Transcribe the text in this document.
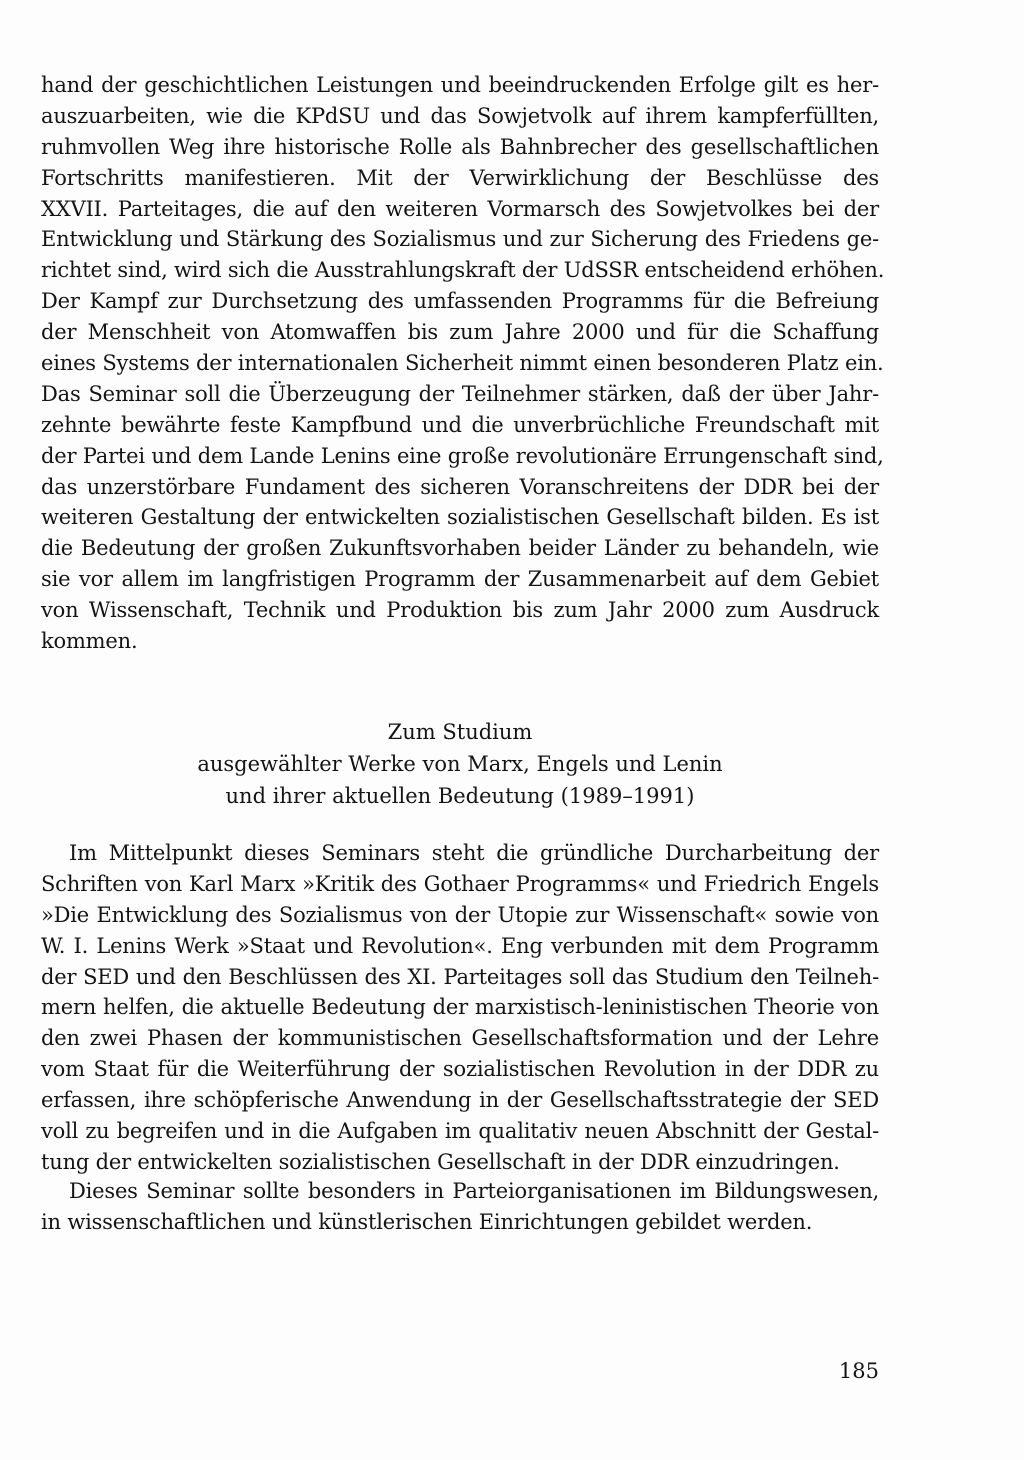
hand der geschichtlichen Leistungen und beeindruckenden Erfolge gilt es her-
auszuarbeiten, wie die KPdSU und das Sowjetvolk auf ihrem kampferfüllten,
ruhmvollen Weg ihre historische Rolle als Bahnbrecher des gesellschaftlichen
Fortschritts manifestieren. Mit der Verwirklichung der Beschlüsse des
XXVII. Parteitages, die auf den weiteren Vormarsch des Sowjetvolkes bei der
Entwicklung und Stärkung des Sozialismus und zur Sicherung des Friedens ge-
richtet sind, wird sich die Ausstrahlungskraft der UdSSR entscheidend erhöhen.
Der Kampf zur Durchsetzung des umfassenden Programms für die Befreiung
der Menschheit von Atomwaffen bis zum Jahre 2000 und für die Schaffung
eines Systems der internationalen Sicherheit nimmt einen besonderen Platz ein.
Das Seminar soll die Überzeugung der Teilnehmer stärken, daß der über Jahr-
zehnte bewährte feste Kampfbund und die unverbrüchliche Freundschaft mit
der Partei und dem Lande Lenins eine große revolutionäre Errungenschaft sind,
das unzerstörbare Fundament des sicheren Voranschreitens der DDR bei der
weiteren Gestaltung der entwickelten sozialistischen Gesellschaft bilden. Es ist
die Bedeutung der großen Zukunftsvorhaben beider Länder zu behandeln, wie
sie vor allem im langfristigen Programm der Zusammenarbeit auf dem Gebiet
von Wissenschaft, Technik und Produktion bis zum Jahr 2000 zum Ausdruck
kommen.
Zum Studium
ausgewählter Werke von Marx, Engels und Lenin
und ihrer aktuellen Bedeutung (1989–1991)
Im Mittelpunkt dieses Seminars steht die gründliche Durcharbeitung der
Schriften von Karl Marx »Kritik des Gothaer Programms« und Friedrich Engels
»Die Entwicklung des Sozialismus von der Utopie zur Wissenschaft« sowie von
W. I. Lenins Werk »Staat und Revolution«. Eng verbunden mit dem Programm
der SED und den Beschlüssen des XI. Parteitages soll das Studium den Teilneh-
mern helfen, die aktuelle Bedeutung der marxistisch-leninistischen Theorie von
den zwei Phasen der kommunistischen Gesellschaftsformation und der Lehre
vom Staat für die Weiterführung der sozialistischen Revolution in der DDR zu
erfassen, ihre schöpferische Anwendung in der Gesellschaftsstrategie der SED
voll zu begreifen und in die Aufgaben im qualitativ neuen Abschnitt der Gestal-
tung der entwickelten sozialistischen Gesellschaft in der DDR einzudringen.
Dieses Seminar sollte besonders in Parteiorganisationen im Bildungswesen,
in wissenschaftlichen und künstlerischen Einrichtungen gebildet werden.
185
